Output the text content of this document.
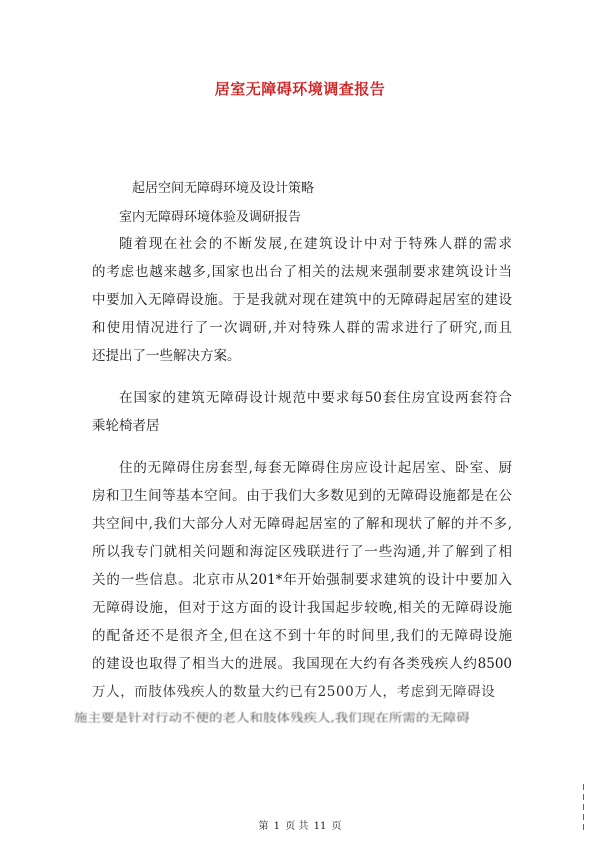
居室无障碍环境调查报告
起居空间无障碍环境及设计策略
室内无障碍环境体验及调研报告
随着现在社会的不断发展,在建筑设计中对于特殊人群的需求
的考虑也越来越多,国家也出台了相关的法规来强制要求建筑设计当
中要加入无障碍设施。于是我就对现在建筑中的无障碍起居室的建设
和使用情况进行了一次调研,并对特殊人群的需求进行了研究,而且
还提出了一些解决方案。
在国家的建筑无障碍设计规范中要求每50套住房宜设两套符合
乘轮椅者居
住的无障碍住房套型,每套无障碍住房应设计起居室、卧室、厨
房和卫生间等基本空间。由于我们大多数见到的无障碍设施都是在公
共空间中,我们大部分人对无障碍起居室的了解和现状了解的并不多,
所以我专门就相关问题和海淀区残联进行了一些沟通,并了解到了相
关的一些信息。北京市从201*年开始强制要求建筑的设计中要加入
无障碍设施，但对于这方面的设计我国起步较晚,相关的无障碍设施
的配备还不是很齐全,但在这不到十年的时间里,我们的无障碍设施
的建设也取得了相当大的进展。我国现在大约有各类残疾人约8500
万人，而肢体残疾人的数量大约已有2500万人，考虑到无障碍设
施主要是针对行动不便的老人和肢体残疾人,我们现在所需的无障碍
第 1 页 共 11 页
